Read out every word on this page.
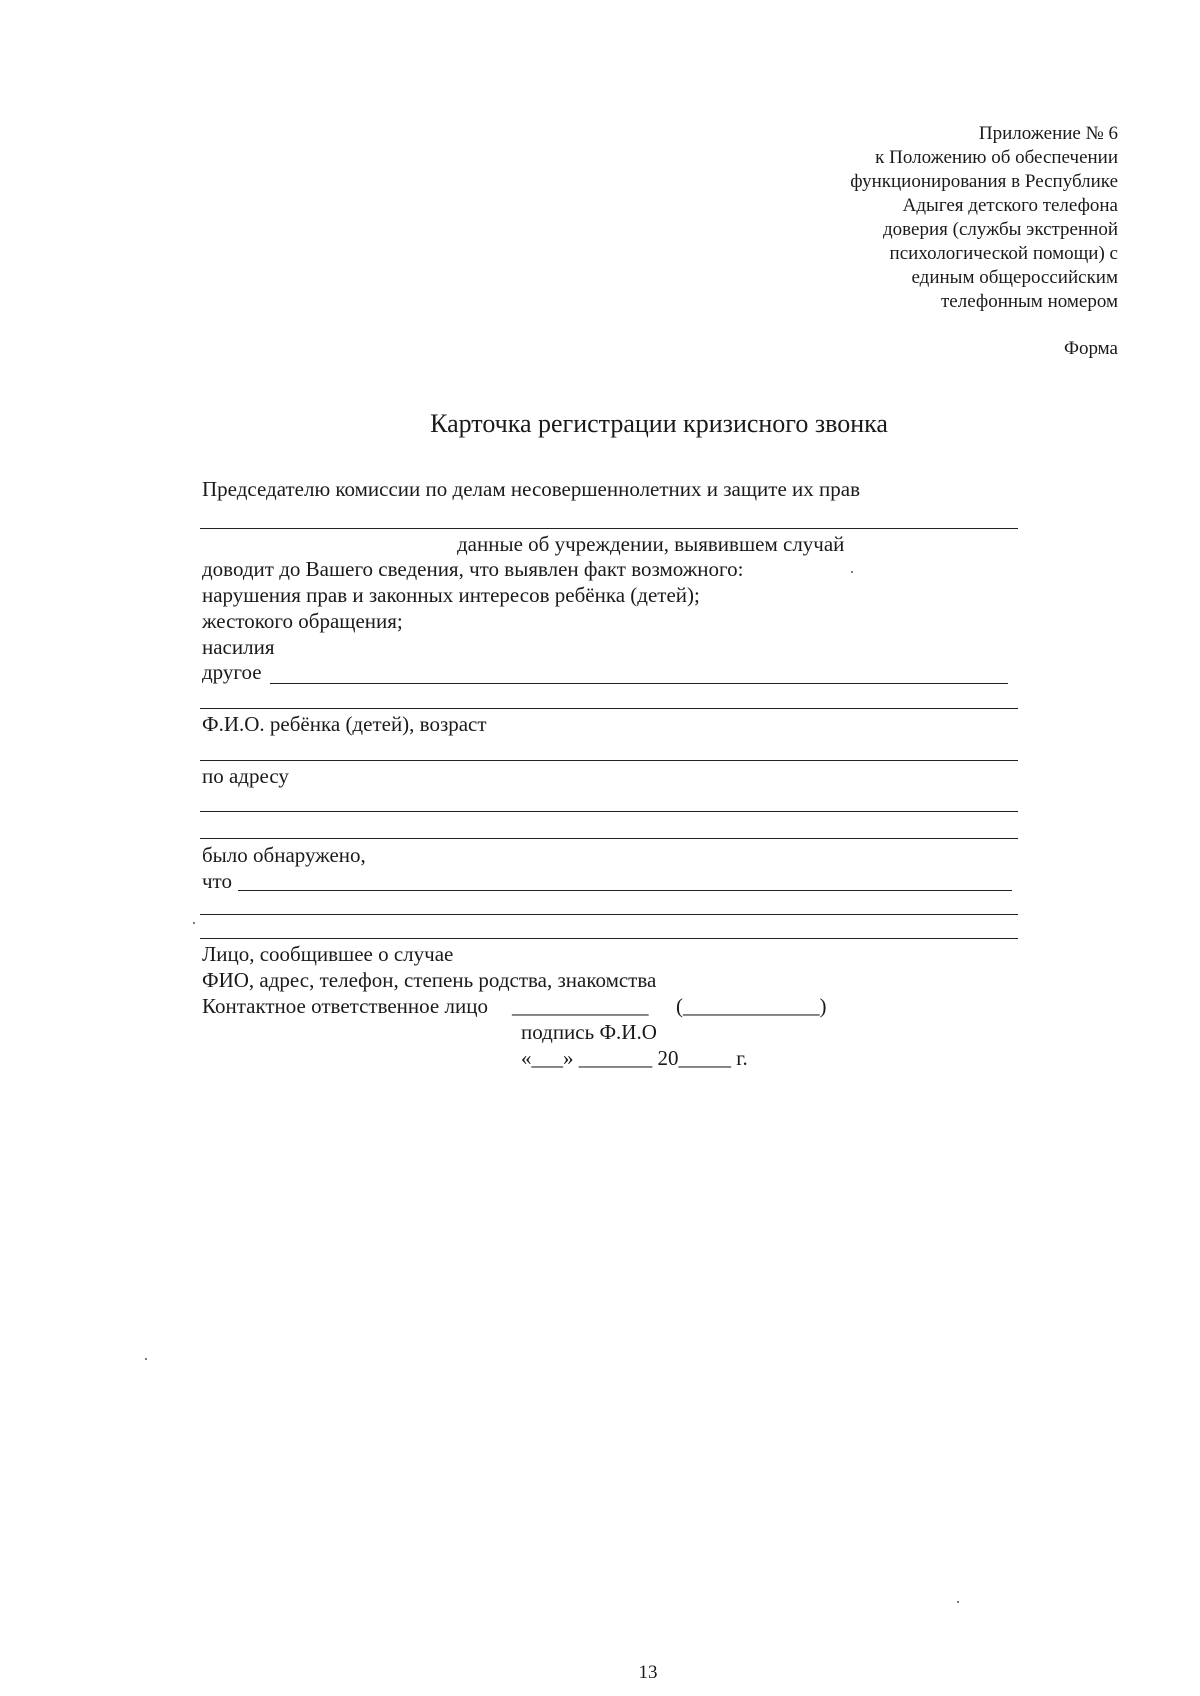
Приложение № 6
к Положению об обеспечении
функционирования в Республике
Адыгея детского телефона
доверия (службы экстренной
психологической помощи) с
единым общероссийским
телефонным номером
Форма
Карточка регистрации кризисного звонка
Председателю комиссии по делам несовершеннолетних и защите их прав
данные об учреждении, выявившем случай
доводит до Вашего сведения, что выявлен факт возможного:
нарушения прав и законных интересов ребёнка (детей);
жестокого обращения;
насилия
другое
Ф.И.О. ребёнка (детей), возраст
по адресу
было обнаружено,
что
Лицо, сообщившее о случае
ФИО, адрес, телефон, степень родства, знакомства
Контактное ответственное лицо _____________ (_____________)
подпись Ф.И.О
«___» _______ 20_____ г.
13
